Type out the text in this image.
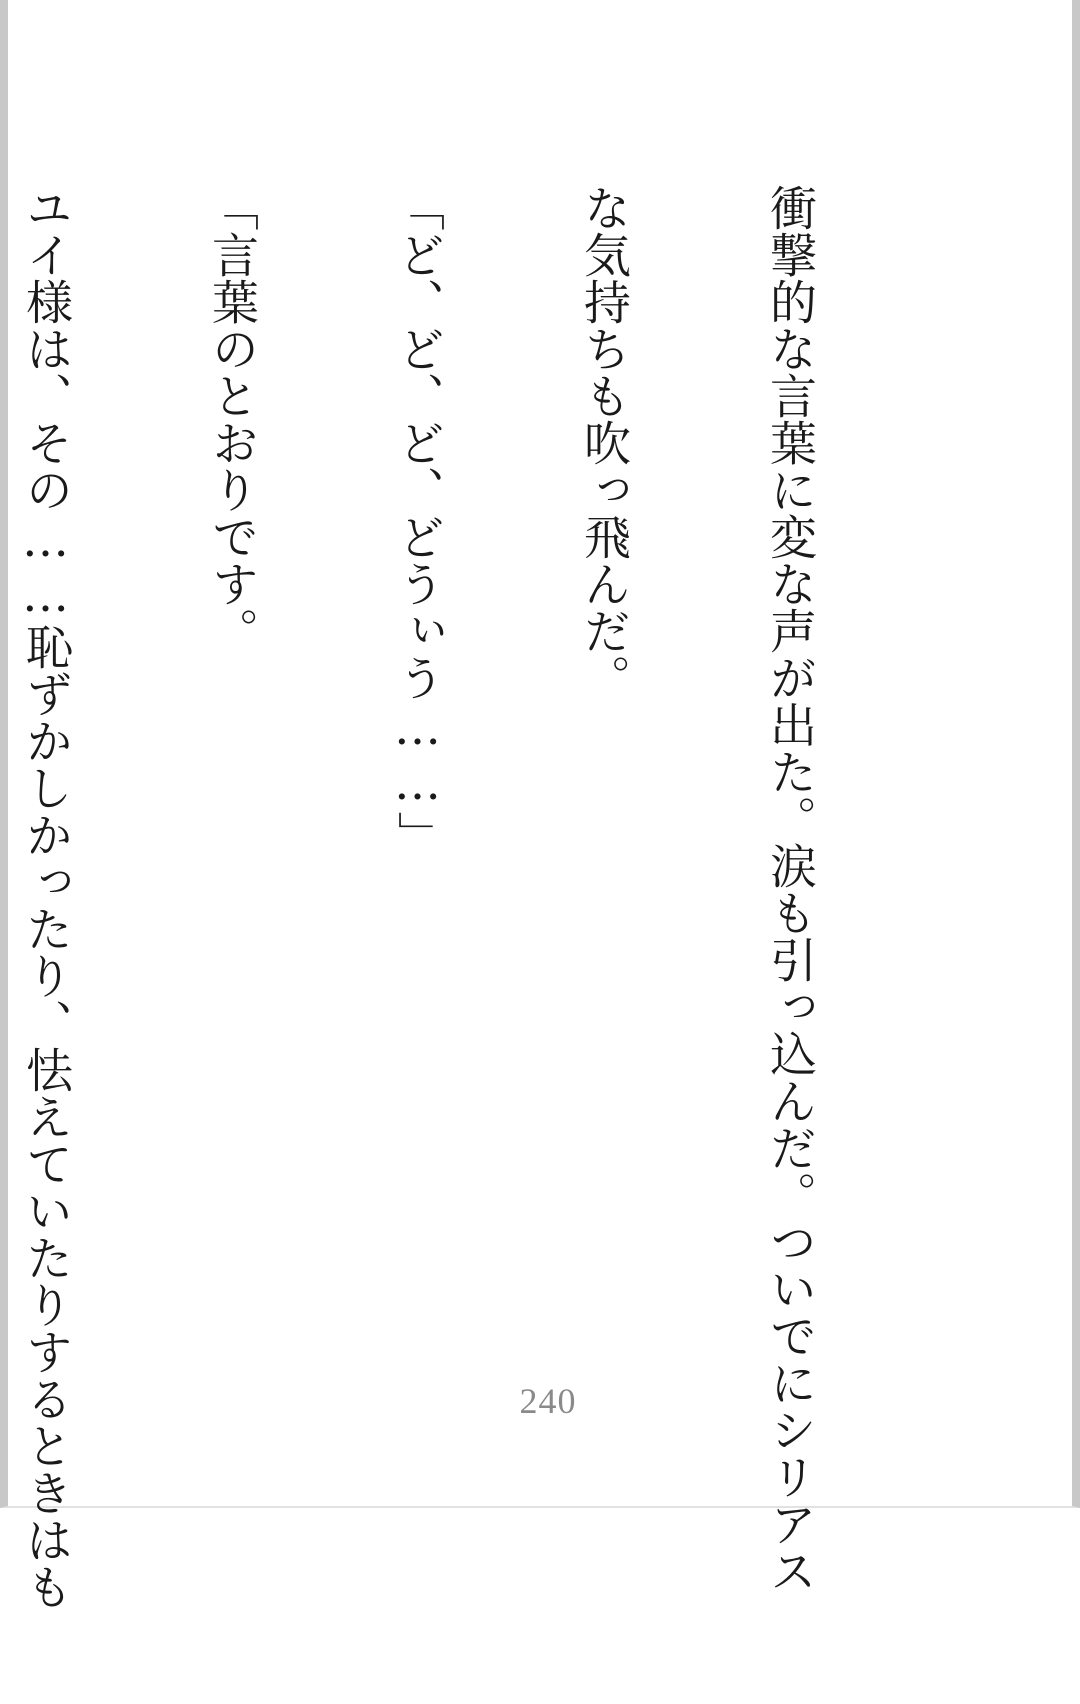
衝撃的な言葉に変な声が出た。涙も引っ込んだ。ついでにシリアス

な気持ちも吹っ飛んだ。

「ど、ど、ど、どうぃう……」

「言葉のとおりです。

ユイ様は、その……恥ずかしかったり、怯えていたりするときはも

	240
